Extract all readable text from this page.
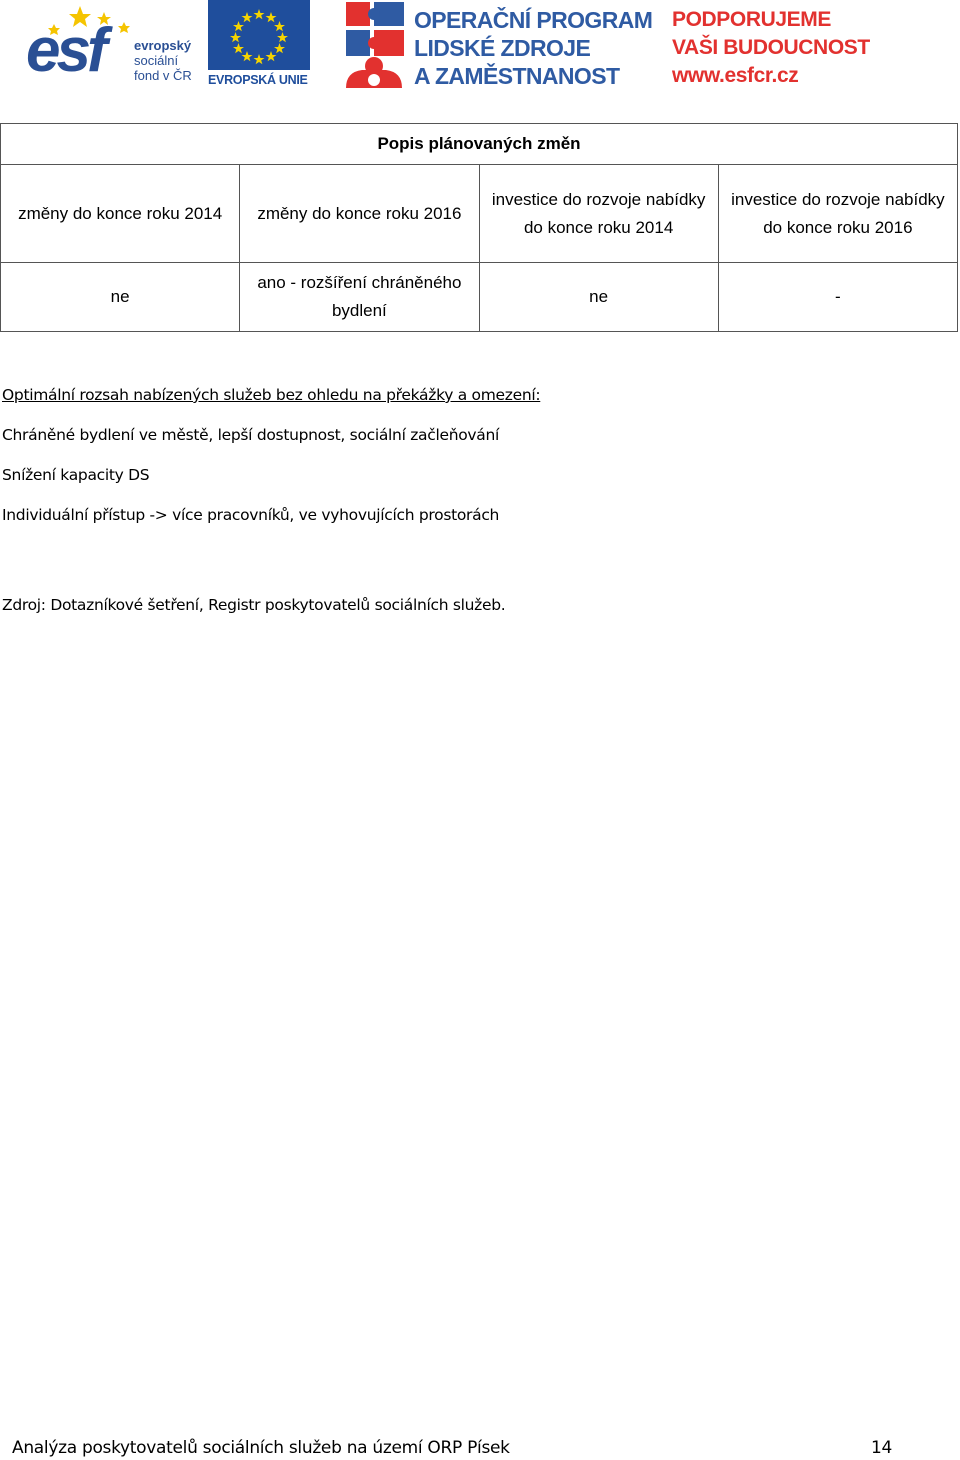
esf evropský
sociální
fond v ČR EVROPSKÁ UNIE
OPERAČNÍ PROGRAM
LIDSKÉ ZDROJE
A ZAMĚSTNANOST
PODPORUJEME
VAŠI BUDOUCNOST
www.esfcr.cz
Popis plánovaných změn			
změny do konce roku 2014	změny do konce roku 2016	investice do rozvoje nabídky do konce roku 2014	investice do rozvoje nabídky do konce roku 2016
ne	ano - rozšíření chráněného bydlení	ne	-
Optimální rozsah nabízených služeb bez ohledu na překážky a omezení:
Chráněné bydlení ve městě, lepší dostupnost, sociální začleňování
Snížení kapacity DS
Individuální přístup -> více pracovníků, ve vyhovujících prostorách
Zdroj: Dotazníkové šetření, Registr poskytovatelů sociálních služeb.
Analýza poskytovatelů sociálních služeb na území ORP Písek	14
